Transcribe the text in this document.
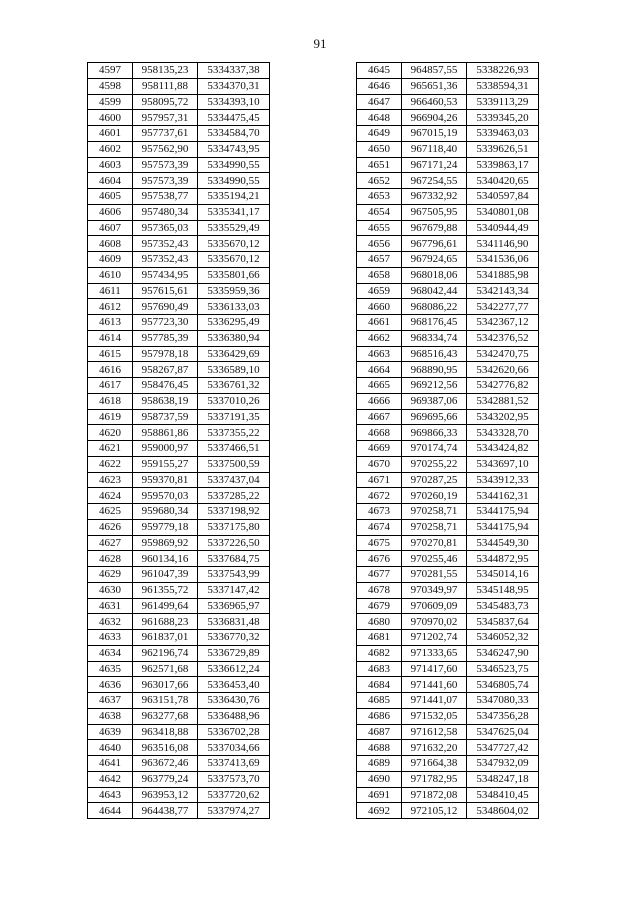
91
4597	958135,23	5334337,38
4598	958111,88	5334370,31
4599	958095,72	5334393,10
4600	957957,31	5334475,45
4601	957737,61	5334584,70
4602	957562,90	5334743,95
4603	957573,39	5334990,55
4604	957573,39	5334990,55
4605	957538,77	5335194,21
4606	957480,34	5335341,17
4607	957365,03	5335529,49
4608	957352,43	5335670,12
4609	957352,43	5335670,12
4610	957434,95	5335801,66
4611	957615,61	5335959,36
4612	957690,49	5336133,03
4613	957723,30	5336295,49
4614	957785,39	5336380,94
4615	957978,18	5336429,69
4616	958267,87	5336589,10
4617	958476,45	5336761,32
4618	958638,19	5337010,26
4619	958737,59	5337191,35
4620	958861,86	5337355,22
4621	959000,97	5337466,51
4622	959155,27	5337500,59
4623	959370,81	5337437,04
4624	959570,03	5337285,22
4625	959680,34	5337198,92
4626	959779,18	5337175,80
4627	959869,92	5337226,50
4628	960134,16	5337684,75
4629	961047,39	5337543,99
4630	961355,72	5337147,42
4631	961499,64	5336965,97
4632	961688,23	5336831,48
4633	961837,01	5336770,32
4634	962196,74	5336729,89
4635	962571,68	5336612,24
4636	963017,66	5336453,40
4637	963151,78	5336430,76
4638	963277,68	5336488,96
4639	963418,88	5336702,28
4640	963516,08	5337034,66
4641	963672,46	5337413,69
4642	963779,24	5337573,70
4643	963953,12	5337720,62
4644	964438,77	5337974,27
4645	964857,55	5338226,93
4646	965651,36	5338594,31
4647	966460,53	5339113,29
4648	966904,26	5339345,20
4649	967015,19	5339463,03
4650	967118,40	5339626,51
4651	967171,24	5339863,17
4652	967254,55	5340420,65
4653	967332,92	5340597,84
4654	967505,95	5340801,08
4655	967679,88	5340944,49
4656	967796,61	5341146,90
4657	967924,65	5341536,06
4658	968018,06	5341885,98
4659	968042,44	5342143,34
4660	968086,22	5342277,77
4661	968176,45	5342367,12
4662	968334,74	5342376,52
4663	968516,43	5342470,75
4664	968890,95	5342620,66
4665	969212,56	5342776,82
4666	969387,06	5342881,52
4667	969695,66	5343202,95
4668	969866,33	5343328,70
4669	970174,74	5343424,82
4670	970255,22	5343697,10
4671	970287,25	5343912,33
4672	970260,19	5344162,31
4673	970258,71	5344175,94
4674	970258,71	5344175,94
4675	970270,81	5344549,30
4676	970255,46	5344872,95
4677	970281,55	5345014,16
4678	970349,97	5345148,95
4679	970609,09	5345483,73
4680	970970,02	5345837,64
4681	971202,74	5346052,32
4682	971333,65	5346247,90
4683	971417,60	5346523,75
4684	971441,60	5346805,74
4685	971441,07	5347080,33
4686	971532,05	5347356,28
4687	971612,58	5347625,04
4688	971632,20	5347727,42
4689	971664,38	5347932,09
4690	971782,95	5348247,18
4691	971872,08	5348410,45
4692	972105,12	5348604,02
